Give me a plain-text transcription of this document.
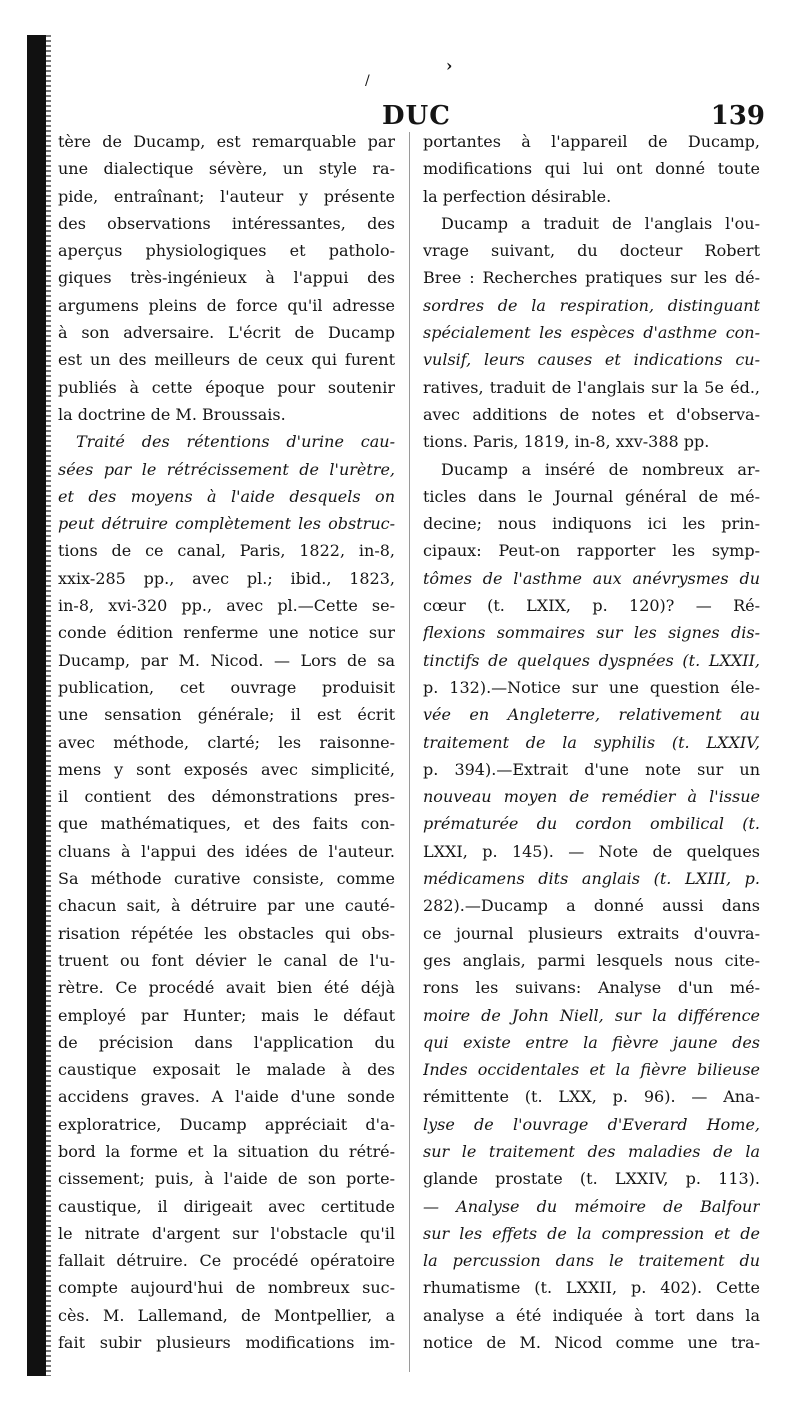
›
/
DUC	139
tère de Ducamp, est remarquable par
une dialectique sévère, un style ra-
pide, entraînant; l'auteur y présente
des observations intéressantes, des
aperçus physiologiques et patholo-
giques très-ingénieux à l'appui des
argumens pleins de force qu'il adresse
à son adversaire. L'écrit de Ducamp
est un des meilleurs de ceux qui furent
publiés à cette époque pour soutenir
la doctrine de M. Broussais.
Traité des rétentions d'urine cau-
sées par le rétrécissement de l'urètre,
et des moyens à l'aide desquels on
peut détruire complètement les obstruc-
tions de ce canal, Paris, 1822, in-8,
xxix-285 pp., avec pl.; ibid., 1823,
in-8, xvi-320 pp., avec pl.—Cette se-
conde édition renferme une notice sur
Ducamp, par M. Nicod. — Lors de sa
publication, cet ouvrage produisit
une sensation générale; il est écrit
avec méthode, clarté; les raisonne-
mens y sont exposés avec simplicité,
il contient des démonstrations pres-
que mathématiques, et des faits con-
cluans à l'appui des idées de l'auteur.
Sa méthode curative consiste, comme
chacun sait, à détruire par une cauté-
risation répétée les obstacles qui obs-
truent ou font dévier le canal de l'u-
rètre. Ce procédé avait bien été déjà
employé par Hunter; mais le défaut
de précision dans l'application du
caustique exposait le malade à des
accidens graves. A l'aide d'une sonde
exploratrice, Ducamp appréciait d'a-
bord la forme et la situation du rétré-
cissement; puis, à l'aide de son porte-
caustique, il dirigeait avec certitude
le nitrate d'argent sur l'obstacle qu'il
fallait détruire. Ce procédé opératoire
compte aujourd'hui de nombreux suc-
cès. M. Lallemand, de Montpellier, a
fait subir plusieurs modifications im-
portantes à l'appareil de Ducamp,
modifications qui lui ont donné toute
la perfection désirable.
Ducamp a traduit de l'anglais l'ou-
vrage suivant, du docteur Robert
Bree : Recherches pratiques sur les dé-
sordres de la respiration, distinguant
spécialement les espèces d'asthme con-
vulsif, leurs causes et indications cu-
ratives, traduit de l'anglais sur la 5e éd.,
avec additions de notes et d'observa-
tions. Paris, 1819, in-8, xxv-388 pp.
Ducamp a inséré de nombreux ar-
ticles dans le Journal général de mé-
decine; nous indiquons ici les prin-
cipaux: Peut-on rapporter les symp-
tômes de l'asthme aux anévrysmes du
cœur (t. LXIX, p. 120)? — Ré-
flexions sommaires sur les signes dis-
tinctifs de quelques dyspnées (t. LXXII,
p. 132).—Notice sur une question éle-
vée en Angleterre, relativement au
traitement de la syphilis (t. LXXIV,
p. 394).—Extrait d'une note sur un
nouveau moyen de remédier à l'issue
prématurée du cordon ombilical (t.
LXXI, p. 145). — Note de quelques
médicamens dits anglais (t. LXIII, p.
282).—Ducamp a donné aussi dans
ce journal plusieurs extraits d'ouvra-
ges anglais, parmi lesquels nous cite-
rons les suivans: Analyse d'un mé-
moire de John Niell, sur la différence
qui existe entre la fièvre jaune des
Indes occidentales et la fièvre bilieuse
rémittente (t. LXX, p. 96). — Ana-
lyse de l'ouvrage d'Everard Home,
sur le traitement des maladies de la
glande prostate (t. LXXIV, p. 113).
— Analyse du mémoire de Balfour
sur les effets de la compression et de
la percussion dans le traitement du
rhumatisme (t. LXXII, p. 402). Cette
analyse a été indiquée à tort dans la
notice de M. Nicod comme une tra-
